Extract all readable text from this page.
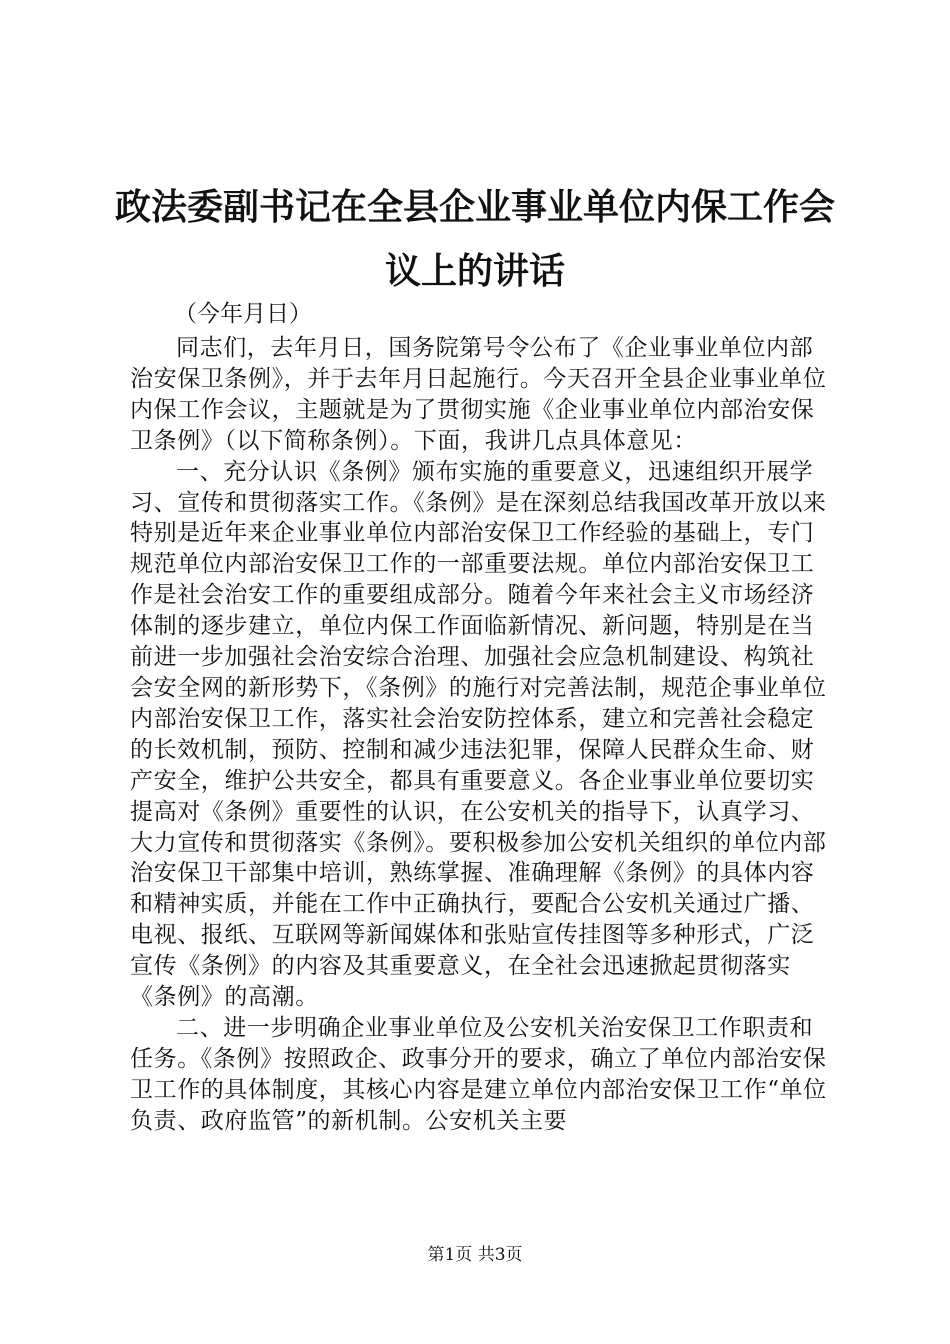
政法委副书记在全县企业事业单位内保工作会
议上的讲话
（今年月日）

同志们，去年月日，国务院第号令公布了《企业事业单位内部治安保卫条例》，并于去年月日起施行。今天召开全县企业事业单位内保工作会议，主题就是为了贯彻实施《企业事业单位内部治安保卫条例》（以下简称条例）。下面，我讲几点具体意见：

一、充分认识《条例》颁布实施的重要意义，迅速组织开展学习、宣传和贯彻落实工作。《条例》是在深刻总结我国改革开放以来特别是近年来企业事业单位内部治安保卫工作经验的基础上，专门规范单位内部治安保卫工作的一部重要法规。单位内部治安保卫工作是社会治安工作的重要组成部分。随着今年来社会主义市场经济体制的逐步建立，单位内保工作面临新情况、新问题，特别是在当前进一步加强社会治安综合治理、加强社会应急机制建设、构筑社会安全网的新形势下，《条例》的施行对完善法制，规范企事业单位内部治安保卫工作，落实社会治安防控体系，建立和完善社会稳定的长效机制，预防、控制和减少违法犯罪，保障人民群众生命、财产安全，维护公共安全，都具有重要意义。各企业事业单位要切实提高对《条例》重要性的认识，在公安机关的指导下，认真学习、大力宣传和贯彻落实《条例》。要积极参加公安机关组织的单位内部治安保卫干部集中培训，熟练掌握、准确理解《条例》的具体内容和精神实质，并能在工作中正确执行，要配合公安机关通过广播、电视、报纸、互联网等新闻媒体和张贴宣传挂图等多种形式，广泛宣传《条例》的内容及其重要意义，在全社会迅速掀起贯彻落实《条例》的高潮。

二、进一步明确企业事业单位及公安机关治安保卫工作职责和任务。《条例》按照政企、政事分开的要求，确立了单位内部治安保卫工作的具体制度，其核心内容是建立单位内部治安保卫工作“单位负责、政府监管”的新机制。公安机关主要

第1页 共3页
